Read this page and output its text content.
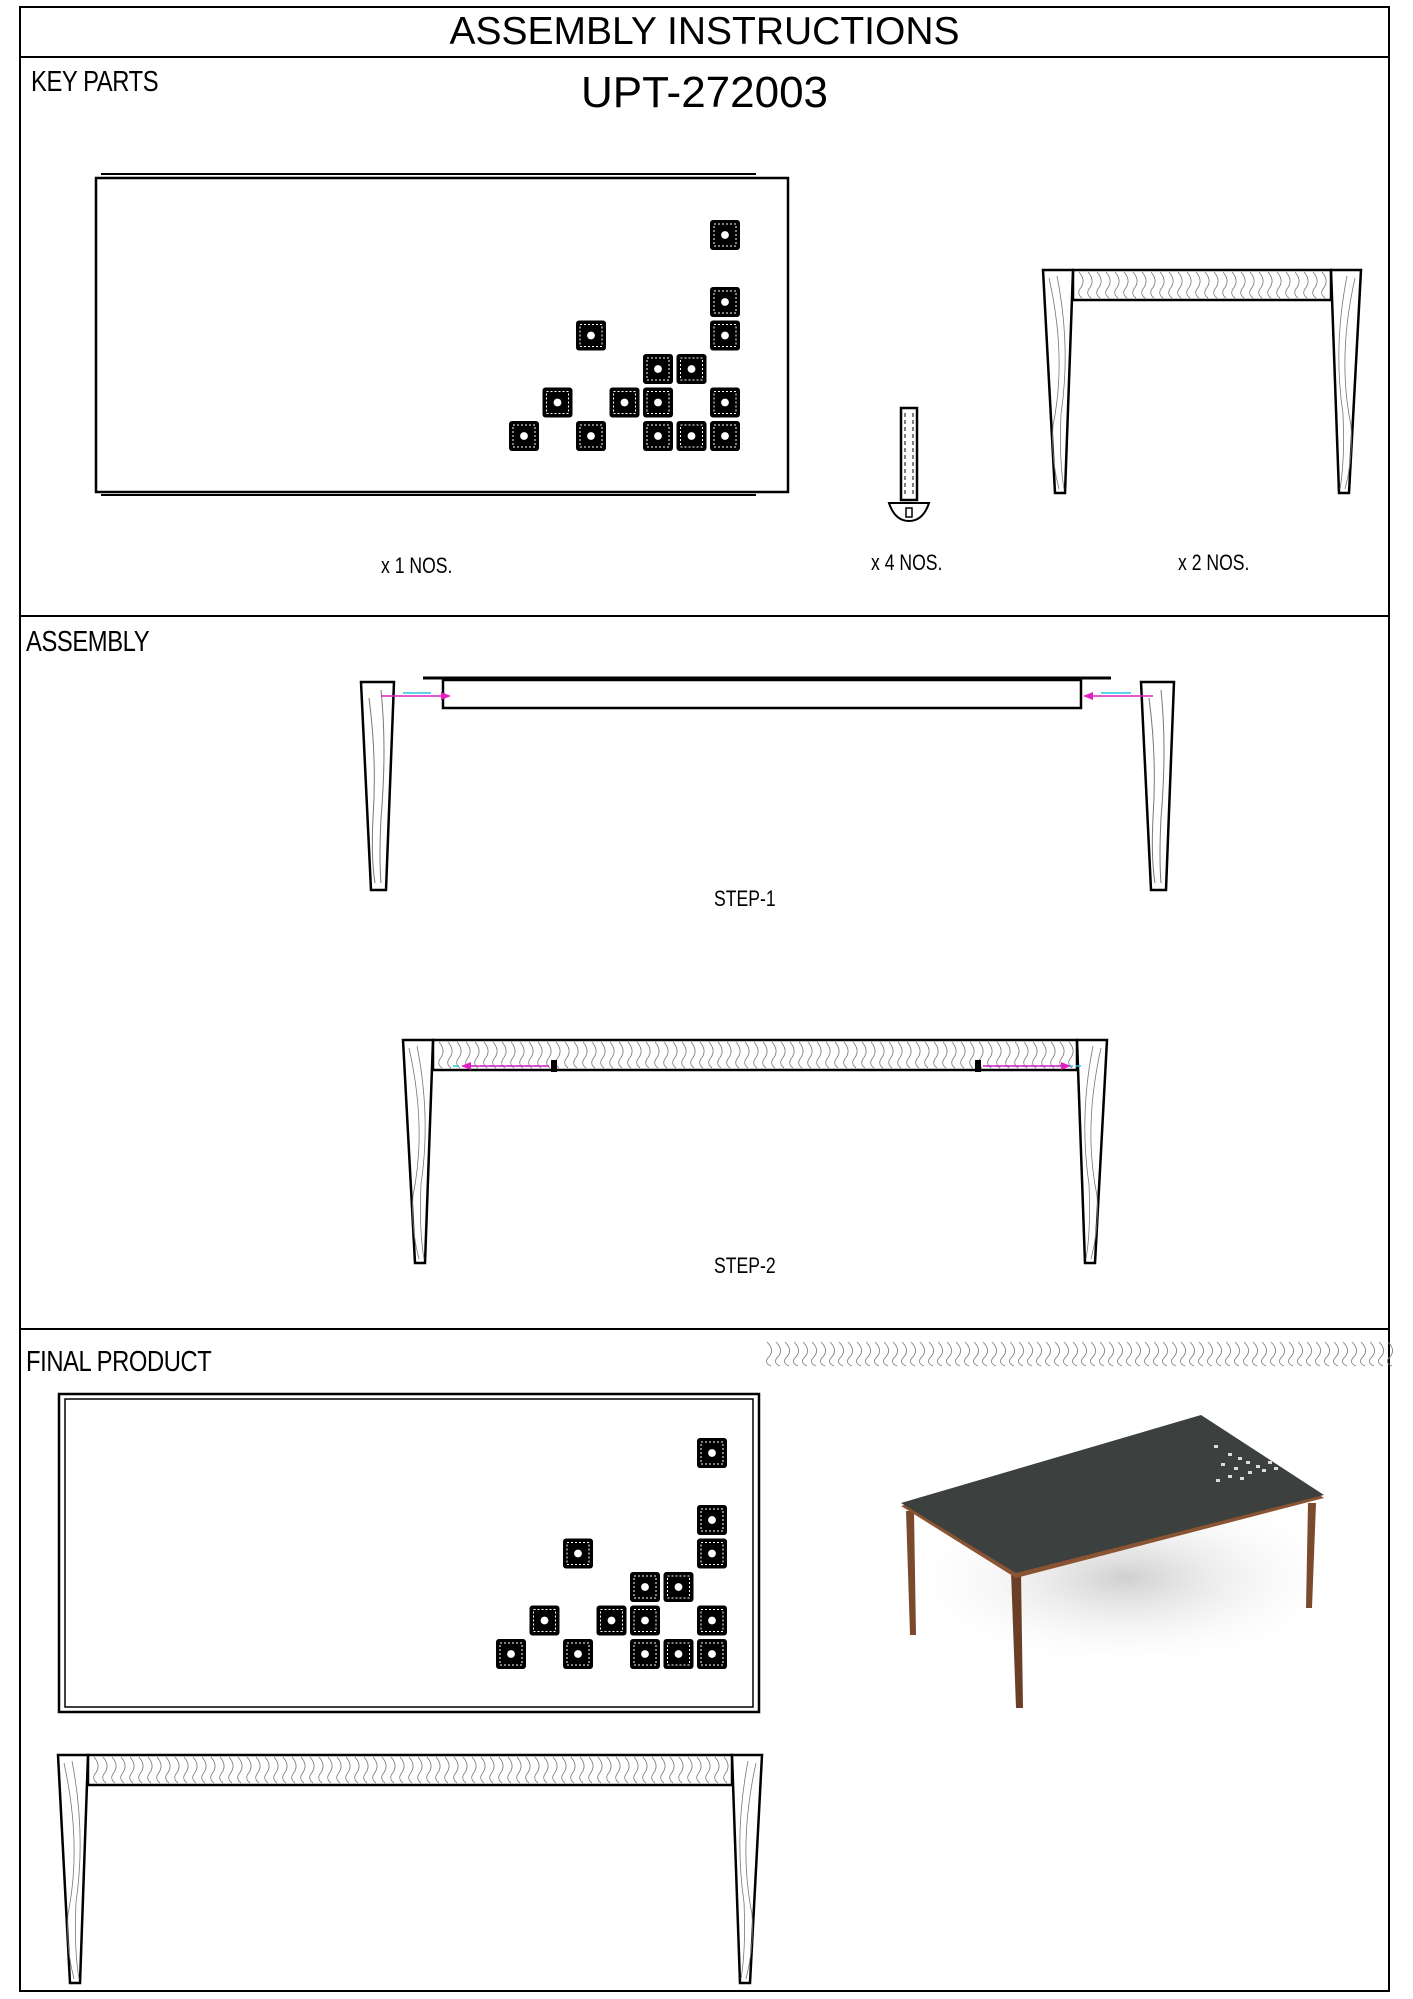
ASSEMBLY INSTRUCTIONS
KEY PARTS	UPT-272003
x 1 NOS.	x 4 NOS.	x 2 NOS.
ASSEMBLY
STEP-1
STEP-2
FINAL PRODUCT
